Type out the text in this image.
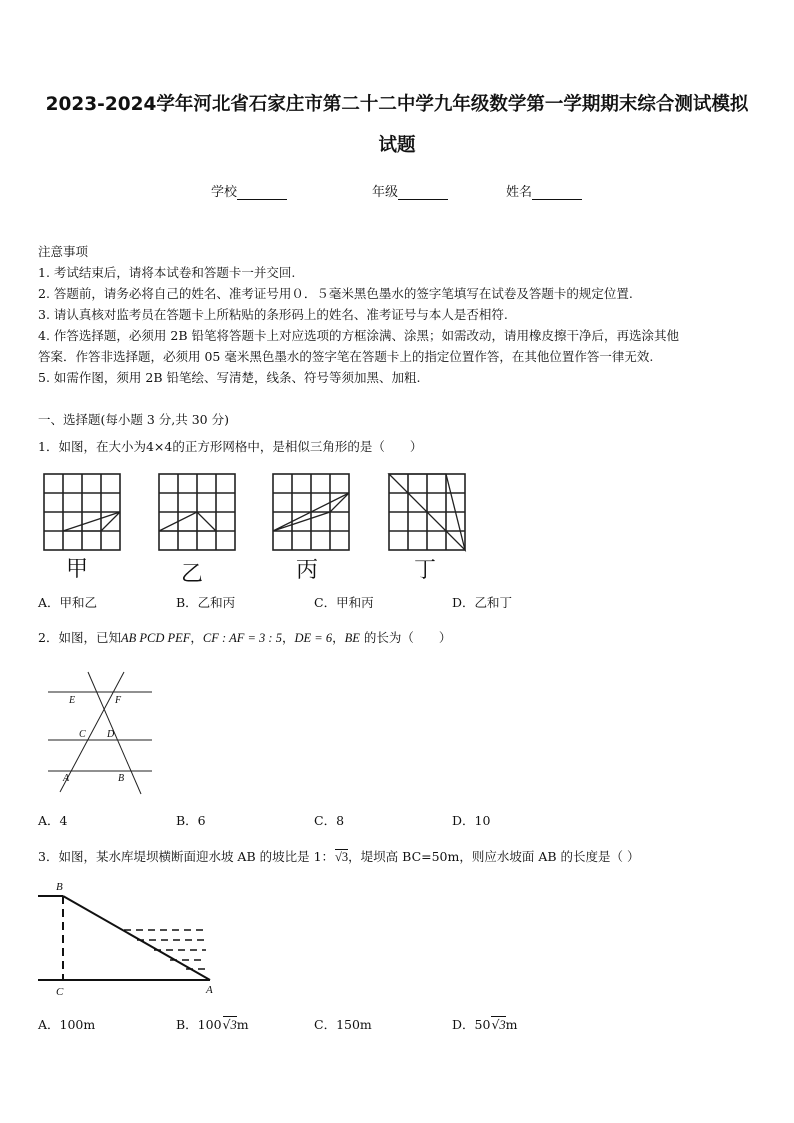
2023-2024学年河北省石家庄市第二十二中学九年级数学第一学期期末综合测试模拟
试题
学校	年级	姓名
注意事项
1. 考试结束后，请将本试卷和答题卡一并交回.
2. 答题前，请务必将自己的姓名、准考证号用０．５毫米黑色墨水的签字笔填写在试卷及答题卡的规定位置.
3. 请认真核对监考员在答题卡上所粘贴的条形码上的姓名、准考证号与本人是否相符.
4. 作答选择题，必须用 2B 铅笔将答题卡上对应选项的方框涂满、涂黑；如需改动，请用橡皮擦干净后，再选涂其他
答案．作答非选择题，必须用 05 毫米黑色墨水的签字笔在答题卡上的指定位置作答，在其他位置作答一律无效.
5. 如需作图，须用 2B 铅笔绘、写清楚，线条、符号等须加黑、加粗.
一、选择题(每小题 3 分,共 30 分)
1．如图，在大小为4×4的正方形网格中，是相似三角形的是（　　）
甲	乙	丙	丁
A．甲和乙	B．乙和丙	C．甲和丙	D．乙和丁
2．如图，已知AB PCD PEF，CF : AF = 3 : 5，DE = 6，BE 的长为（　　）
E	F
C D
A	B
A．4	B．6	C．8	D．10
3．如图，某水库堤坝横断面迎水坡 AB 的坡比是 1：√3，堤坝高 BC=50m，则应水坡面 AB 的长度是（ ）
B
C	A
A．100m	B．100√3m	C．150m	D．50√3m
